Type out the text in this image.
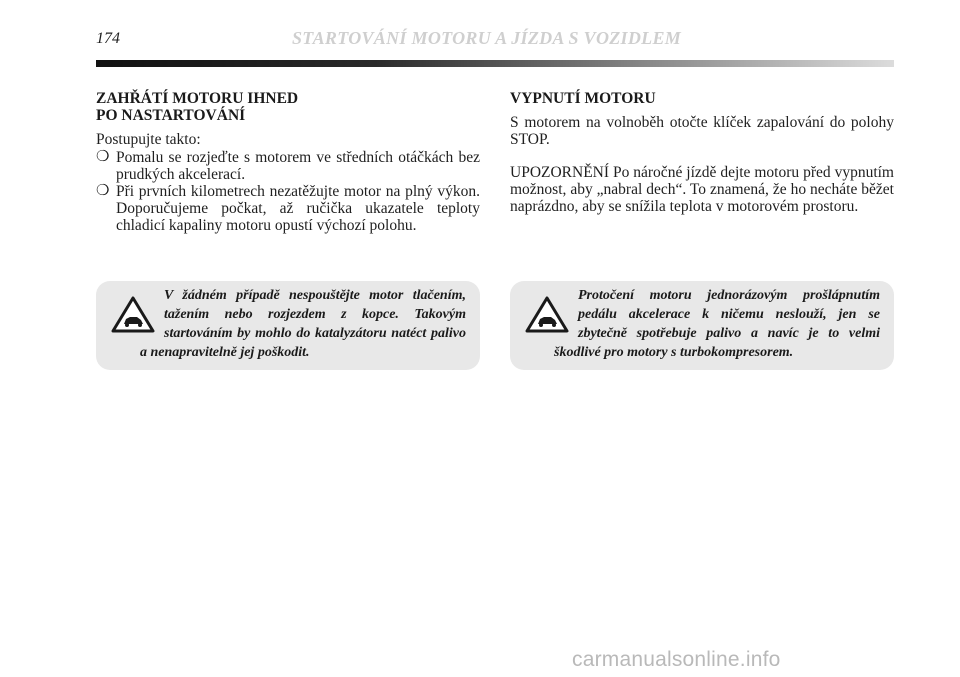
174	STARTOVÁNÍ MOTORU A JÍZDA S VOZIDLEM
ZAHŘÁTÍ MOTORU IHNED
PO NASTARTOVÁNÍ

Postupujte takto:

❍ Pomalu se rozjeďte s motorem ve středních otáčkách bez prudkých akcelerací.
❍ Při prvních kilometrech nezatěžujte motor na plný výkon. Doporučujeme počkat, až ručička ukazatele teploty chladicí kapaliny motoru opustí výchozí polohu.
VYPNUTÍ MOTORU

S motorem na volnoběh otočte klíček zapalování do polohy STOP.

UPOZORNĚNÍ Po náročné jízdě dejte motoru před vypnutím možnost, aby „nabral dech“. To znamená, že ho necháte běžet naprázdno, aby se snížila teplota v motorovém prostoru.

V žádném případě nespouštějte motor tlačením, tažením nebo rozjezdem z kopce. Takovým startováním by mohlo do katalyzátoru natéct palivo a nenapravitelně jej poškodit.

Protočení motoru jednorázovým prošlápnutím pedálu akcelerace k ničemu neslouží, jen se zbytečně spotřebuje palivo a navíc je to velmi škodlivé pro motory s turbokompresorem.

carmanualsonline.info
